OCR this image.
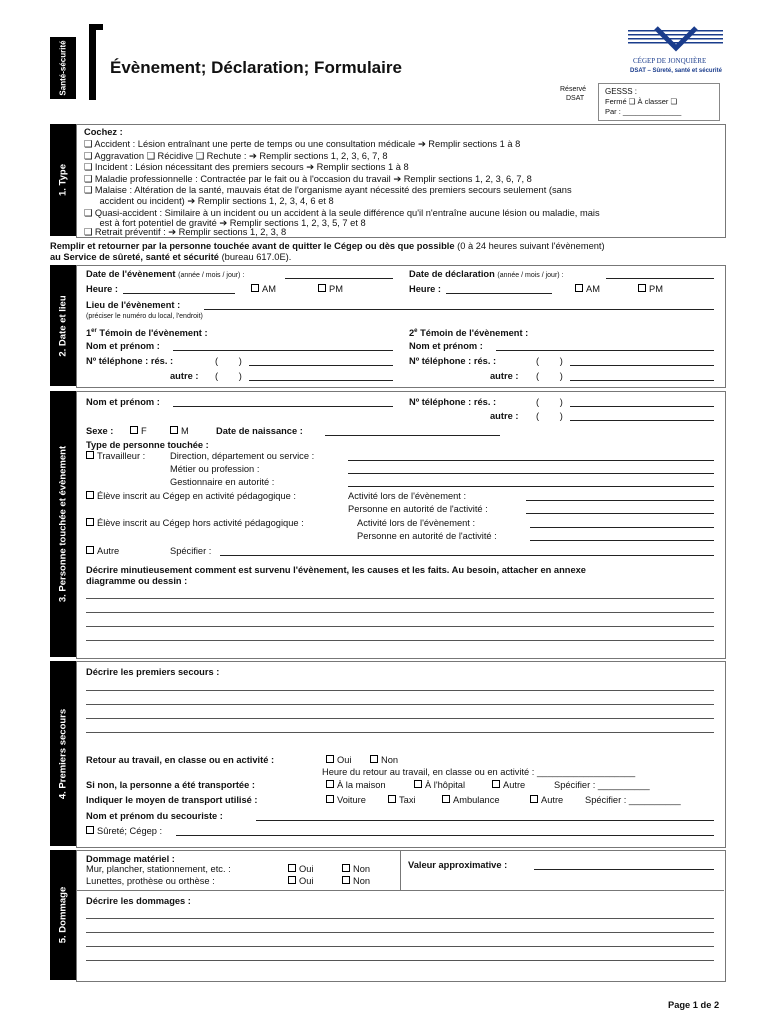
Santé-sécurité	Évènement; Déclaration; Formulaire	CÉGEP DE JONQUIÈRE
DSAT – Sûreté, santé et sécurité
Réservé
DSAT
GESSS :
Fermé ❑ À classer ❑
Par : ______________
1. Type
Cochez :
❑ Accident : Lésion entraînant une perte de temps ou une consultation médicale ➔ Remplir sections 1 à 8
❑ Aggravation ❑ Récidive ❑ Rechute : ➔ Remplir sections 1, 2, 3, 6, 7, 8
❑ Incident : Lésion nécessitant des premiers secours ➔ Remplir sections 1 à 8
❑ Maladie professionnelle : Contractée par le fait ou à l'occasion du travail ➔ Remplir sections 1, 2, 3, 6, 7, 8
❑ Malaise : Altération de la santé, mauvais état de l'organisme ayant nécessité des premiers secours seulement (sans
accident ou incident) ➔ Remplir sections 1, 2, 3, 4, 6 et 8
❑ Quasi-accident : Similaire à un incident ou un accident à la seule différence qu'il n'entraîne aucune lésion ou maladie, mais
est à fort potentiel de gravité ➔ Remplir sections 1, 2, 3, 5, 7 et 8
❑ Retrait préventif : ➔ Remplir sections 1, 2, 3, 8
Remplir et retourner par la personne touchée avant de quitter le Cégep ou dès que possible (0 à 24 heures suivant l'évènement)
au Service de sûreté, santé et sécurité (bureau 617.0E).
2. Date et lieu
Date de l'évènement (année / mois / jour) :	Date de déclaration (année / mois / jour) :
Heure :	AM	PM	Heure :	AM	PM
Lieu de l'évènement :
(préciser le numéro du local, l'endroit)
1er Témoin de l'évènement :	2e Témoin de l'évènement :
Nom et prénom :	Nom et prénom :
Nº téléphone : rés. :	(        )	Nº téléphone : rés. :	(        )
autre : (        )	autre : (        )
3. Personne touchée et évènement
Nom et prénom :	Nº téléphone : rés. :	(        )
autre : (        )
Sexe :	F	M	Date de naissance :
Type de personne touchée :
Travailleur :	Direction, département ou service :
Métier ou profession :
Gestionnaire en autorité :
Élève inscrit au Cégep en activité pédagogique :	Activité lors de l'évènement :
Personne en autorité de l'activité :
Élève inscrit au Cégep hors activité pédagogique :	Activité lors de l'évènement :
Personne en autorité de l'activité :
Autre	Spécifier :
Décrire minutieusement comment est survenu l'évènement, les causes et les faits. Au besoin, attacher en annexe
diagramme ou dessin :
4. Premiers secours
Décrire les premiers secours :
Retour au travail, en classe ou en activité :	Oui	Non
Heure du retour au travail, en classe ou en activité : ___________________
Si non, la personne a été transportée :	À la maison	À l'hôpital	Autre	Spécifier : __________
Indiquer le moyen de transport utilisé :	Voiture	Taxi	Ambulance	Autre Spécifier : __________
Nom et prénom du secouriste :
Sûreté; Cégep :
5. Dommage
Dommage matériel :
Mur, plancher, stationnement, etc. :	Oui	Non
Lunettes, prothèse ou orthèse :	Oui	Non
Valeur approximative :
Décrire les dommages :
Page 1 de 2
